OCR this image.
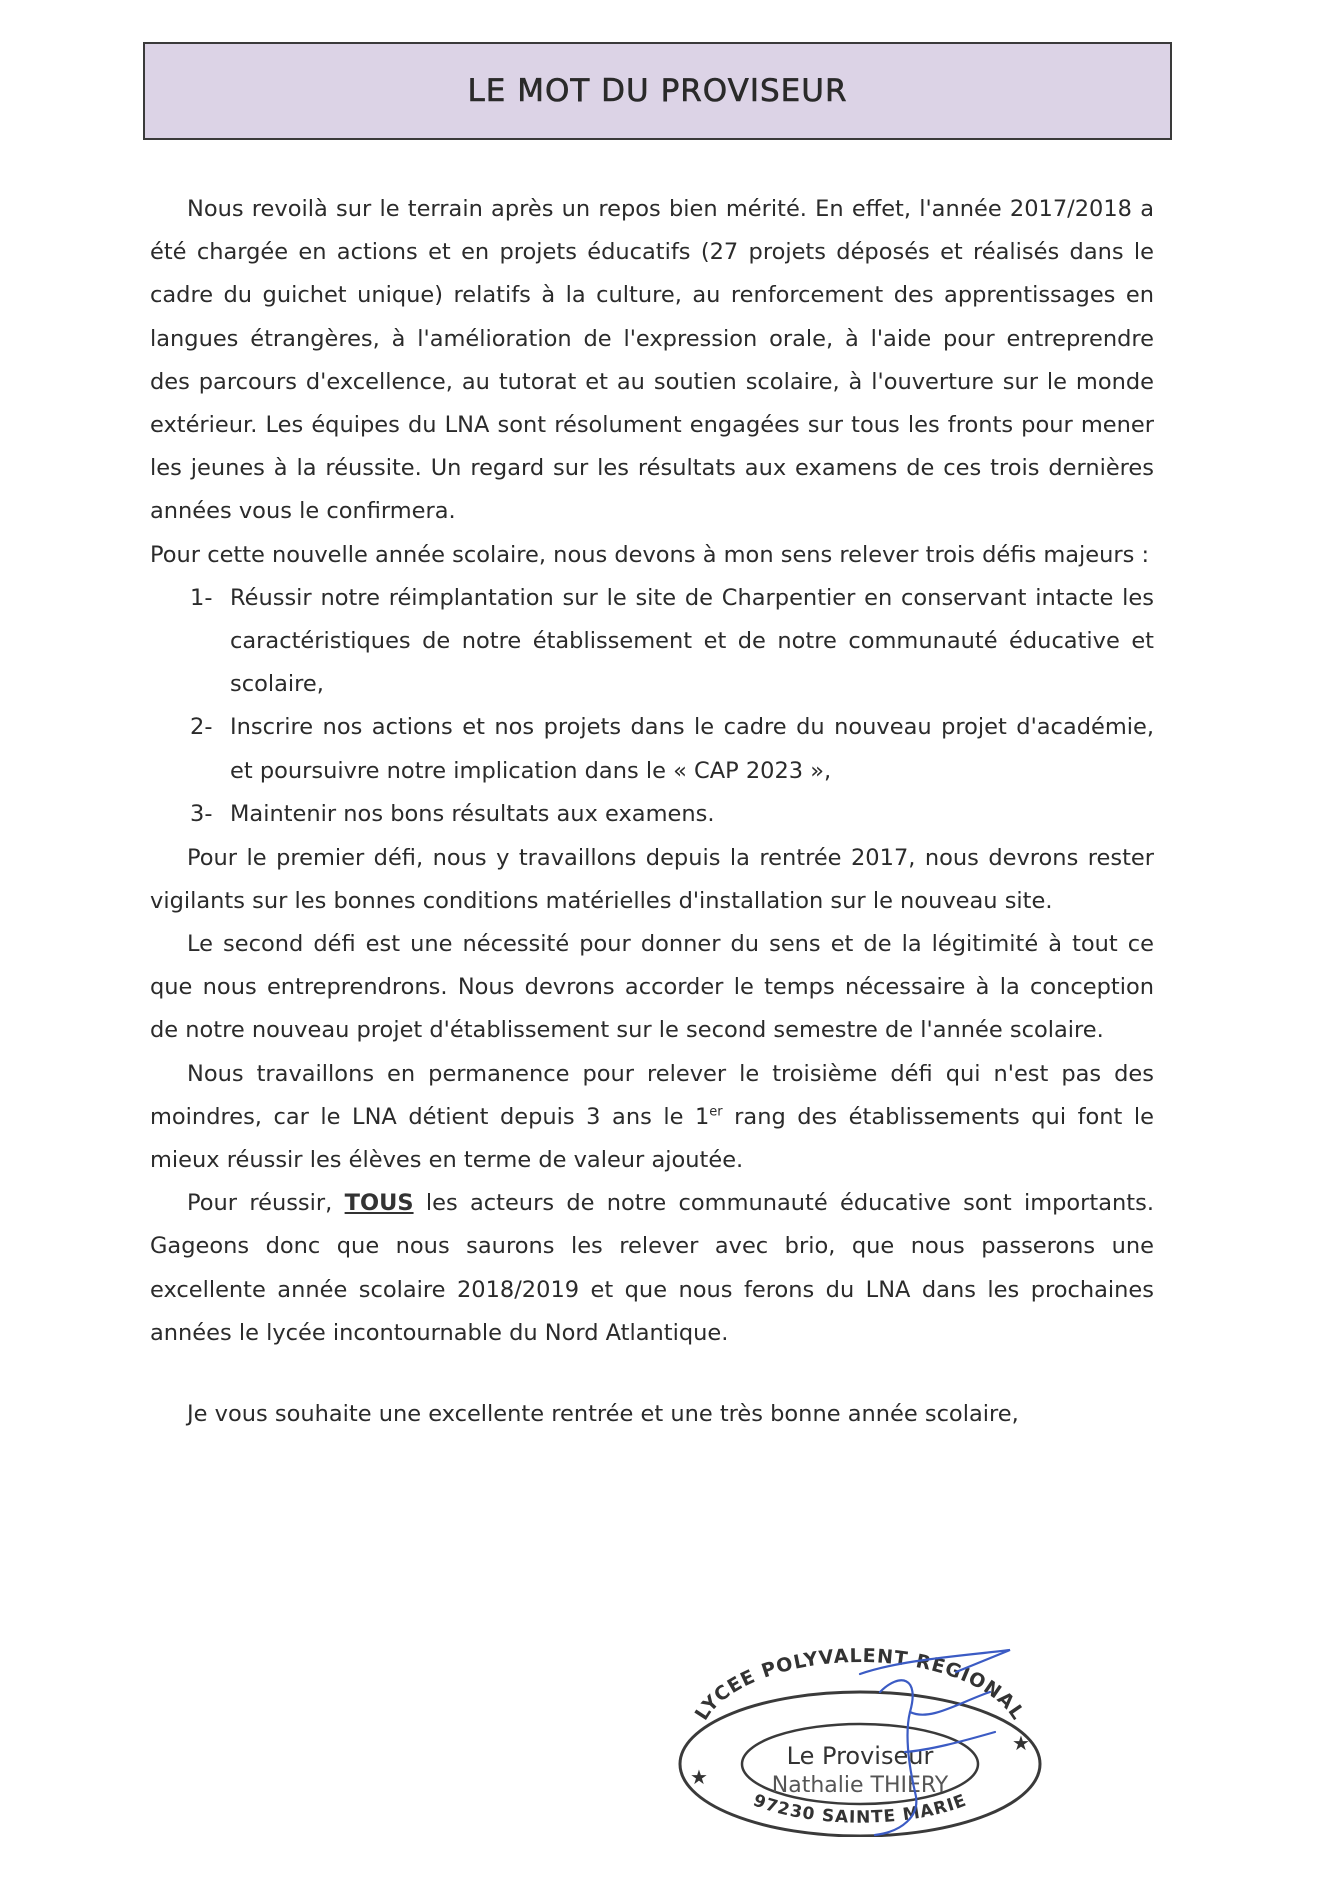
LE MOT DU PROVISEUR

Nous revoilà sur le terrain après un repos bien mérité. En effet, l'année 2017/2018 a été chargée en actions et en projets éducatifs (27 projets déposés et réalisés dans le cadre du guichet unique) relatifs à la culture, au renforcement des apprentissages en langues étrangères, à l'amélioration de l'expression orale, à l'aide pour entreprendre des parcours d'excellence, au tutorat et au soutien scolaire, à l'ouverture sur le monde extérieur. Les équipes du LNA sont résolument engagées sur tous les fronts pour mener les jeunes à la réussite. Un regard sur les résultats aux examens de ces trois dernières années vous le confirmera.

Pour cette nouvelle année scolaire, nous devons à mon sens relever trois défis majeurs :

1- Réussir notre réimplantation sur le site de Charpentier en conservant intacte les caractéristiques de notre établissement et de notre communauté éducative et scolaire,
2- Inscrire nos actions et nos projets dans le cadre du nouveau projet d'académie, et poursuivre notre implication dans le « CAP 2023 »,
3- Maintenir nos bons résultats aux examens.

Pour le premier défi, nous y travaillons depuis la rentrée 2017, nous devrons rester vigilants sur les bonnes conditions matérielles d'installation sur le nouveau site.

Le second défi est une nécessité pour donner du sens et de la légitimité à tout ce que nous entreprendrons. Nous devrons accorder le temps nécessaire à la conception de notre nouveau projet d'établissement sur le second semestre de l'année scolaire.

Nous travaillons en permanence pour relever le troisième défi qui n'est pas des moindres, car le LNA détient depuis 3 ans le 1er rang des établissements qui font le mieux réussir les élèves en terme de valeur ajoutée.

Pour réussir, TOUS les acteurs de notre communauté éducative sont importants. Gageons donc que nous saurons les relever avec brio, que nous passerons une excellente année scolaire 2018/2019 et que nous ferons du LNA dans les prochaines années le lycée incontournable du Nord Atlantique.

Je vous souhaite une excellente rentrée et une très bonne année scolaire,

LYCEE POLYVALENT REGIONAL
97230 SAINTE MARIE
Le Proviseur
Nathalie THIERY
★
★
